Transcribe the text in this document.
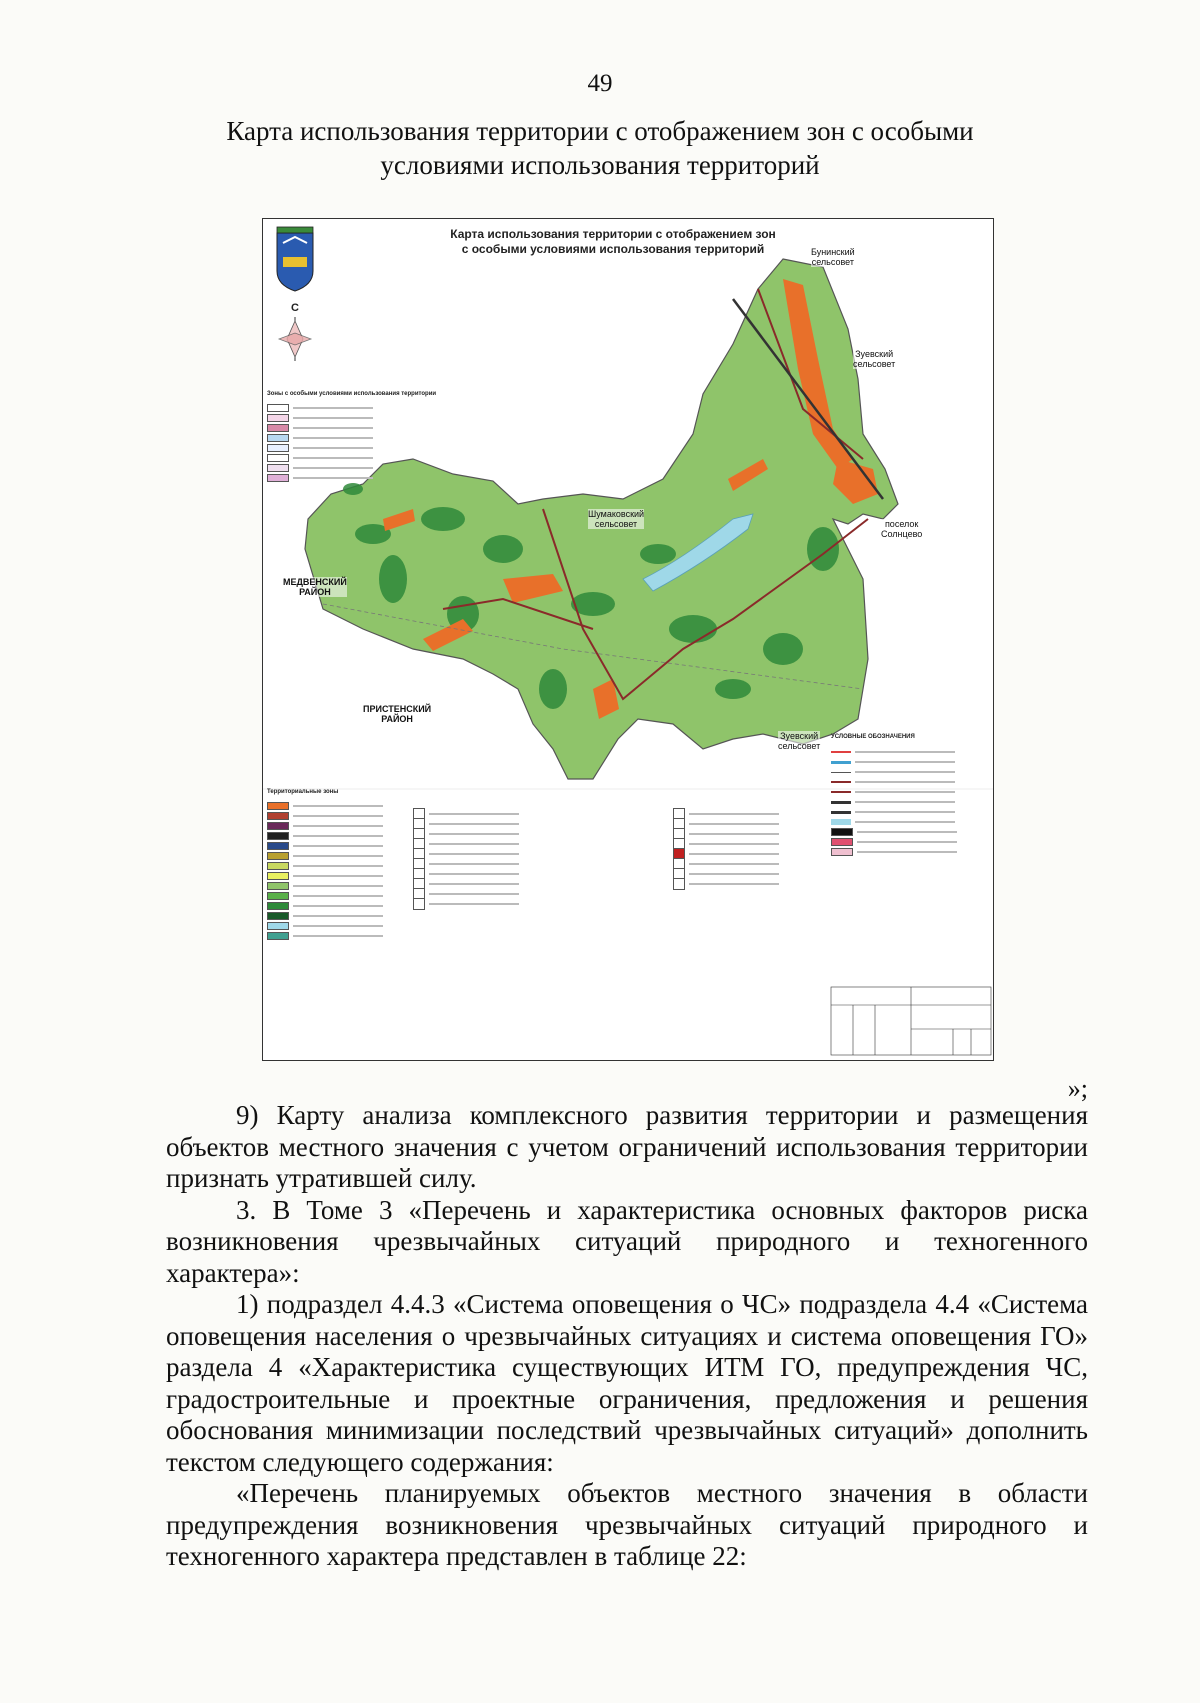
49
Карта использования территории с отображением зон с особыми
условиями использования территорий
С
Карта использования территории с отображением зон
с особыми условиями использования территорий	Бунинский
сельсовет
Зуевский
сельсовет
Шумаковский
сельсовет	поселок
Солнцево
МЕДВЕНСКИЙ
РАЙОН
ПРИСТЕНСКИЙ
РАЙОН
Зуевский
сельсовет
Зоны с особыми условиями использования территории
Территориальные зоны
УСЛОВНЫЕ ОБОЗНАЧЕНИЯ
»;

9) Карту анализа комплексного развития территории и размещения объектов местного значения с учетом ограничений использования территории признать утратившей силу.

3. В Томе 3 «Перечень и характеристика основных факторов риска возникновения чрезвычайных ситуаций природного и техногенного характера»:

1) подраздел 4.4.3 «Система оповещения о ЧС» подраздела 4.4 «Система оповещения населения о чрезвычайных ситуациях и система оповещения ГО» раздела 4 «Характеристика существующих ИТМ ГО, предупреждения ЧС, градостроительные и проектные ограничения, предложения и решения обоснования минимизации последствий чрезвычайных ситуаций» дополнить текстом следующего содержания:

«Перечень планируемых объектов местного значения в области предупреждения возникновения чрезвычайных ситуаций природного и техногенного характера представлен в таблице 22:
